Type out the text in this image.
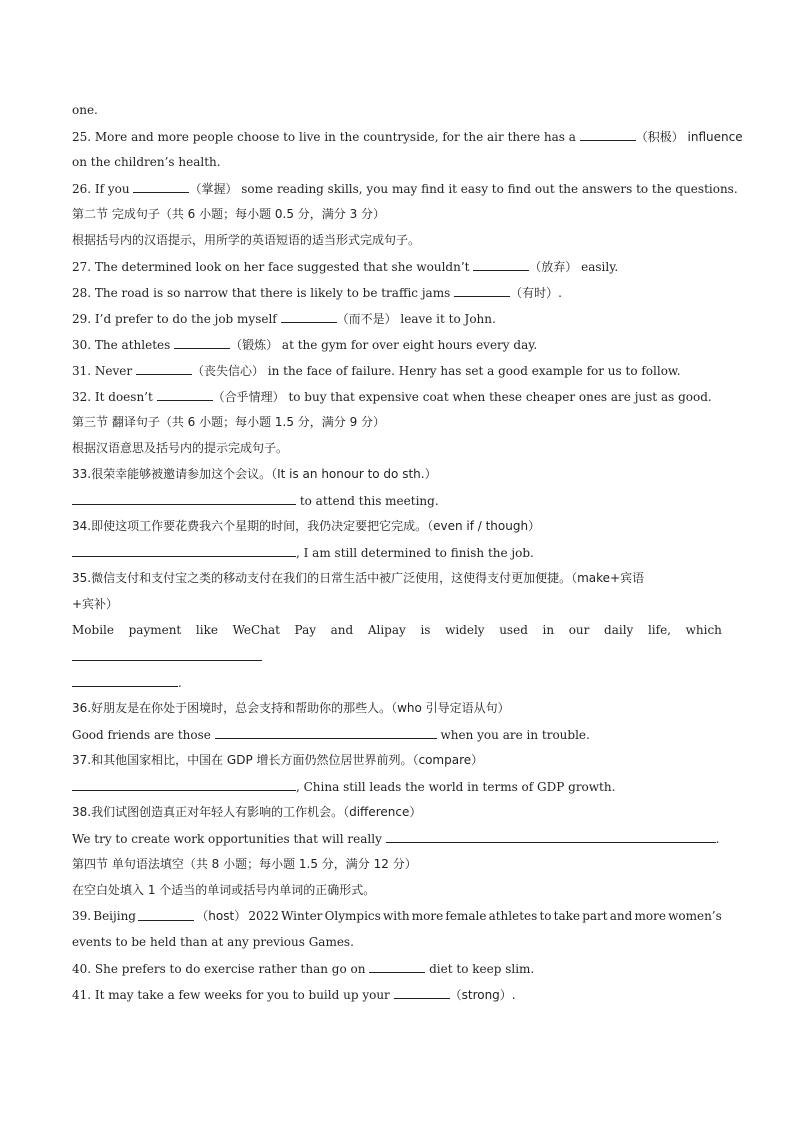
one.
25. More and more people choose to live in the countryside, for the air there has a	（积极） influence
on the children’s health.
26. If you	（掌握） some reading skills, you may find it easy to find out the answers to the questions.
第二节 完成句子（共 6 小题；每小题 0.5 分，满分 3 分）
根据括号内的汉语提示，用所学的英语短语的适当形式完成句子。
27. The determined look on her face suggested that she wouldn’t	（放弃） easily.
28. The road is so narrow that there is likely to be traffic jams	（有时）.
29. I’d prefer to do the job myself	（而不是） leave it to John.
30. The athletes	（锻炼） at the gym for over eight hours every day.
31. Never	（丧失信心） in the face of failure. Henry has set a good example for us to follow.
32. It doesn’t	（合乎情理） to buy that expensive coat when these cheaper ones are just as good.
第三节 翻译句子（共 6 小题；每小题 1.5 分，满分 9 分）
根据汉语意思及括号内的提示完成句子。
33.很荣幸能够被邀请参加这个会议。（It is an honour to do sth.）
to attend this meeting.
34.即使这项工作要花费我六个星期的时间，我仍决定要把它完成。（even if / though）
, I am still determined to finish the job.
35.微信支付和支付宝之类的移动支付在我们的日常生活中被广泛使用，这使得支付更加便捷。（make+宾语
+宾补）
Mobile payment like WeChat Pay and Alipay is widely used in our daily life, which
.
36.好朋友是在你处于困境时，总会支持和帮助你的那些人。（who 引导定语从句）
Good friends are those	when you are in trouble.
37.和其他国家相比，中国在 GDP 增长方面仍然位居世界前列。（compare）
, China still leads the world in terms of GDP growth.
38.我们试图创造真正对年轻人有影响的工作机会。（difference）
We try to create work opportunities that will really	.
第四节 单句语法填空（共 8 小题；每小题 1.5 分，满分 12 分）
在空白处填入 1 个适当的单词或括号内单词的正确形式。
39. Beijing	（host） 2022 Winter Olympics with more female athletes to take part and more women’s
events to be held than at any previous Games.
40. She prefers to do exercise rather than go on	diet to keep slim.
41. It may take a few weeks for you to build up your	（strong）.
